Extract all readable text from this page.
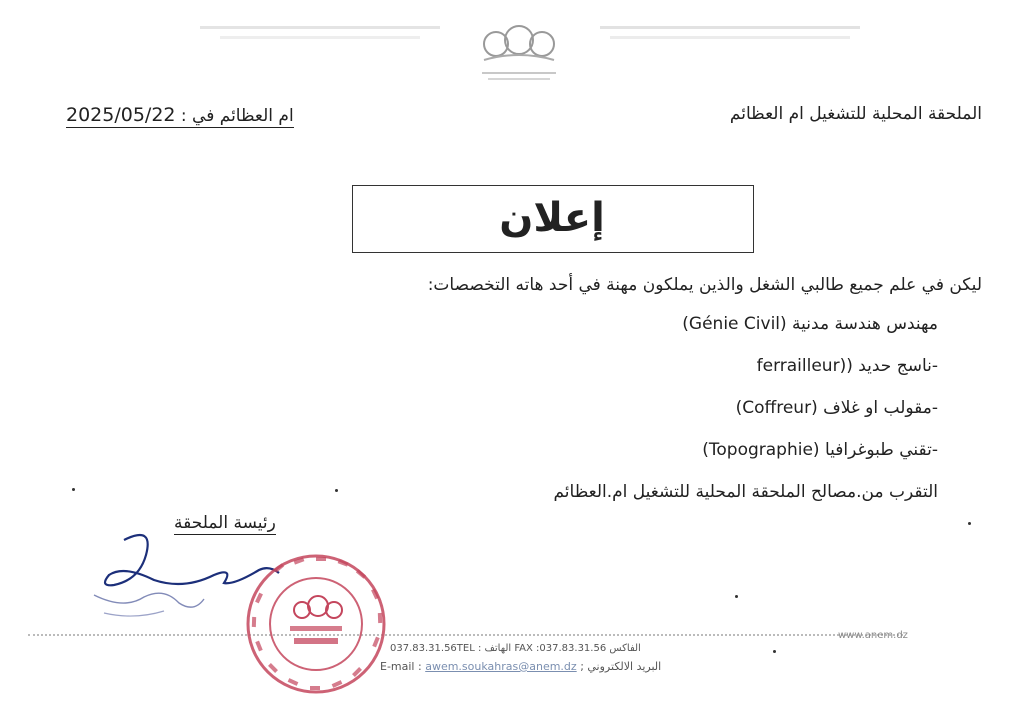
الملحقة المحلية للتشغيل ام العظائم
ام العظائم في : 2025/05/22
إعلان
ليكن في علم جميع طالبي الشغل والذين يملكون مهنة في أحد هاته التخصصات:
مهندس هندسة مدنية (Génie Civil)
-ناسج حديد ((ferrailleur
-مقولب او غلاف (Coffreur)
-تقني طبوغرافيا (Topographie)
التقرب من.مصالح الملحقة المحلية للتشغيل ام.العظائم
رئيسة الملحقة
www.anem.dz
الفاكس FAX :037.83.31.56 الهاتف : 037.83.31.56TEL
E-mail : awem.soukahras@anem.dz ; البريد الالكتروني
